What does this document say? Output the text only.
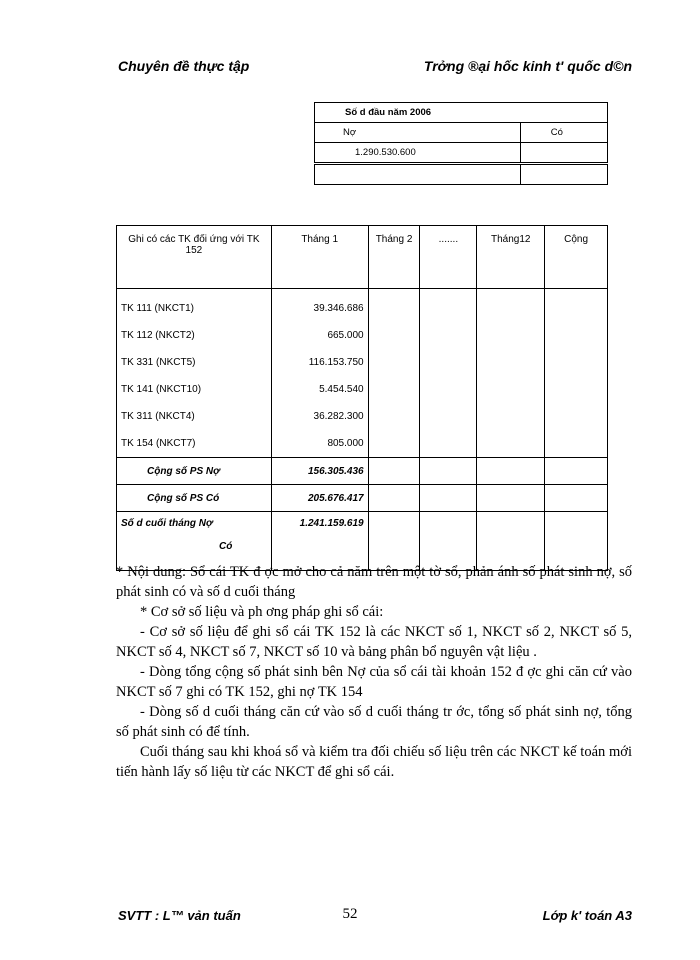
Chuyên đề thực tập	Trởng ®ại hốc kinh t' quốc d©n
Số d đầu năm 2006	
Nợ	Có
1.290.530.600	

Ghi có các TK đối ứng với TK 152	Tháng 1	Tháng 2	.......	Tháng12	Cộng
TK 111 (NKCT1)	39.346.686				
TK 112 (NKCT2)	665.000				
TK 331 (NKCT5)	116.153.750				
TK 141 (NKCT10)	5.454.540				
TK 311 (NKCT4)	36.282.300				
TK 154 (NKCT7)	805.000				
Cộng số PS Nợ	156.305.436				
Cộng số PS Có	205.676.417				
Số d cuối tháng Nợ
Có	1.241.159.619				

* Nội dung: Sổ cái TK đ ợc mở cho cả năm trên một tờ sổ, phản ánh số phát sinh nợ, số phát sinh có và số d cuối tháng

* Cơ sở số liệu và ph ơng pháp ghi sổ cái:

- Cơ sở số liệu để ghi sổ cái TK 152 là các NKCT số 1, NKCT số 2, NKCT số 5, NKCT số 4, NKCT số 7, NKCT số 10 và bảng phân bổ nguyên vật liệu .

- Dòng tổng cộng số phát sinh bên Nợ của sổ cái tài khoản 152 đ ợc ghi căn cứ vào NKCT số 7 ghi có TK 152, ghi nợ TK 154

- Dòng số d cuối tháng căn cứ vào số d cuối tháng tr ớc, tổng số phát sinh nợ, tổng số phát sinh có để tính.

Cuối tháng sau khi khoá sổ và kiểm tra đối chiếu số liệu trên các NKCT kế toán mới tiến hành lấy số liệu từ các NKCT để ghi sổ cái.

SVTT : L™ vản tuấn	52	Lớp k' toán A3
